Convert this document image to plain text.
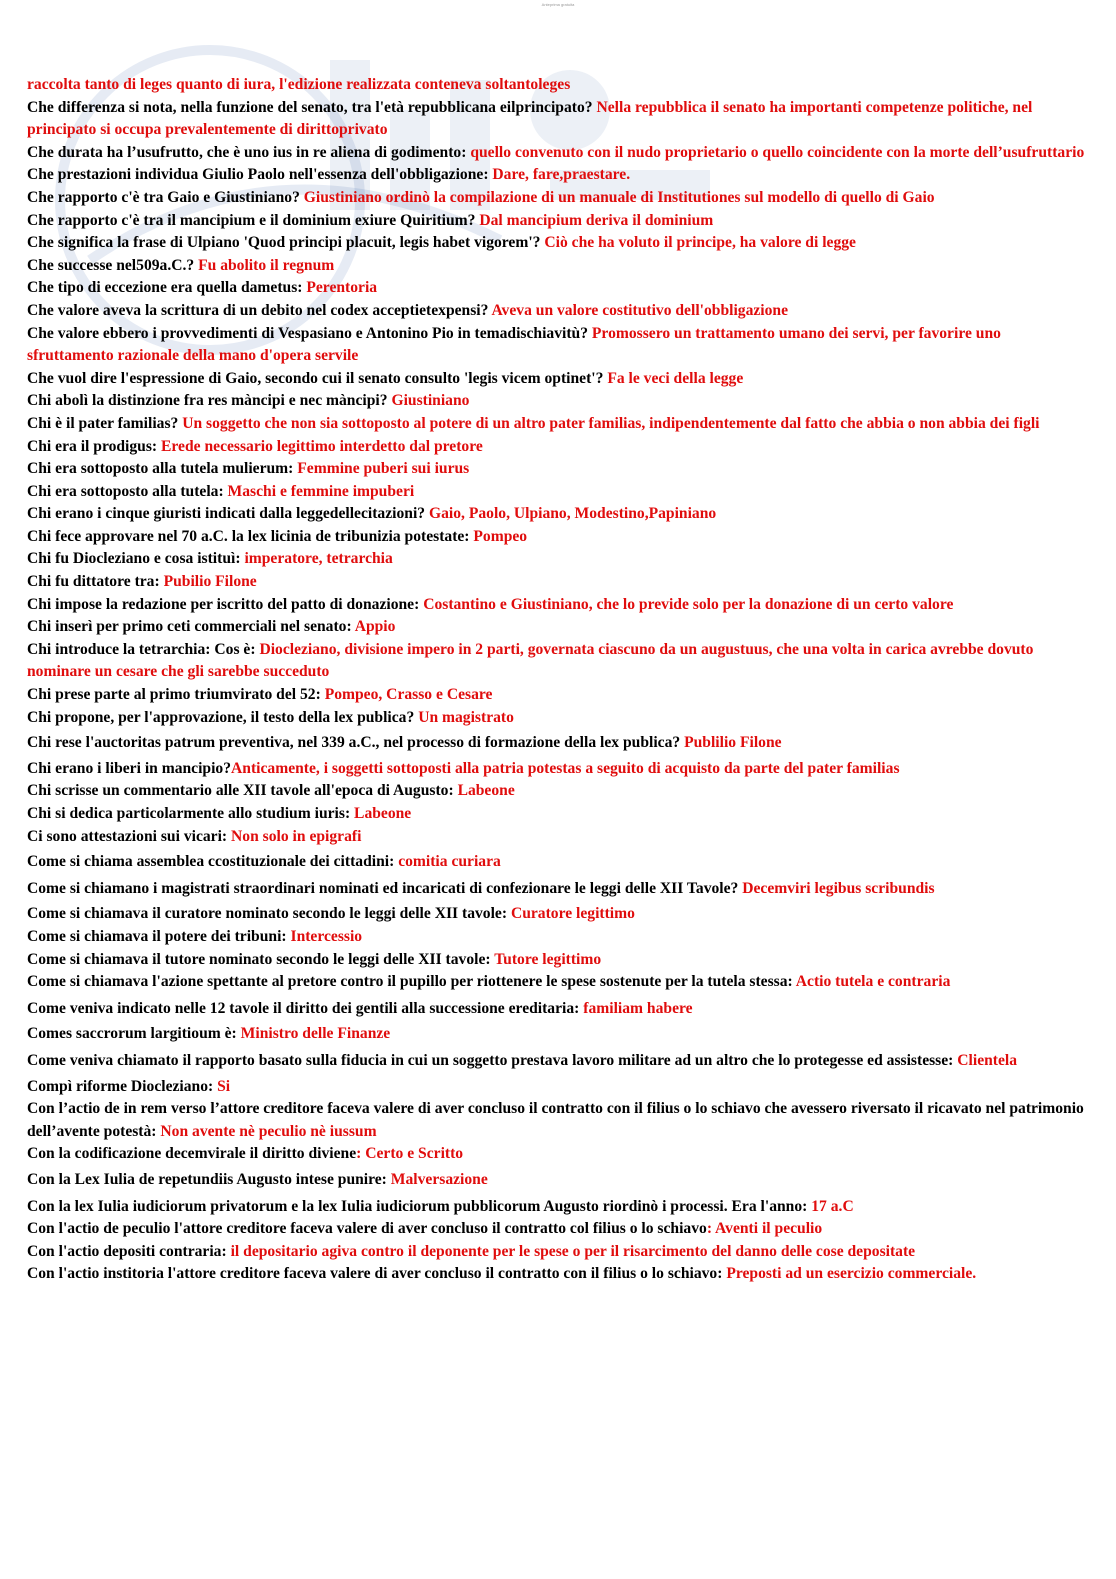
Anteprima gratuita

raccolta tanto di leges quanto di iura, l'edizione realizzata conteneva soltantoleges

Che differenza si nota, nella funzione del senato, tra l'età repubblicana eilprincipato? Nella repubblica il senato ha importanti competenze politiche, nel principato si occupa prevalentemente di dirittoprivato

Che durata ha l’usufrutto, che è uno ius in re aliena di godimento: quello convenuto con il nudo proprietario o quello coincidente con la morte dell’usufruttario

Che prestazioni individua Giulio Paolo nell'essenza dell'obbligazione: Dare, fare,praestare.

Che rapporto c'è tra Gaio e Giustiniano? Giustiniano ordinò la compilazione di un manuale di Institutiones sul modello di quello di Gaio

Che rapporto c'è tra il mancipium e il dominium exiure Quiritium? Dal mancipium deriva il dominium

Che significa la frase di Ulpiano 'Quod principi placuit, legis habet vigorem'? Ciò che ha voluto il principe, ha valore di legge

Che successe nel509a.C.? Fu abolito il regnum

Che tipo di eccezione era quella dametus: Perentoria

Che valore aveva la scrittura di un debito nel codex acceptietexpensi? Aveva un valore costitutivo dell'obbligazione

Che valore ebbero i provvedimenti di Vespasiano e Antonino Pio in temadischiavitù? Promossero un trattamento umano dei servi, per favorire uno sfruttamento razionale della mano d'opera servile

Che vuol dire l'espressione di Gaio, secondo cui il senato consulto 'legis vicem optinet'? Fa le veci della legge

Chi abolì la distinzione fra res màncipi e nec màncipi? Giustiniano

Chi è il pater familias? Un soggetto che non sia sottoposto al potere di un altro pater familias, indipendentemente dal fatto che abbia o non abbia dei figli

Chi era il prodigus: Erede necessario legittimo interdetto dal pretore

Chi era sottoposto alla tutela mulierum: Femmine puberi sui iurus

Chi era sottoposto alla tutela: Maschi e femmine impuberi

Chi erano i cinque giuristi indicati dalla leggedellecitazioni? Gaio, Paolo, Ulpiano, Modestino,Papiniano

Chi fece approvare nel 70 a.C. la lex licinia de tribunizia potestate: Pompeo

Chi fu Diocleziano e cosa istituì: imperatore, tetrarchia

Chi fu dittatore tra: Pubilio Filone

Chi impose la redazione per iscritto del patto di donazione: Costantino e Giustiniano, che lo previde solo per la donazione di un certo valore

Chi inserì per primo ceti commerciali nel senato: Appio

Chi introduce la tetrarchia: Cos è: Diocleziano, divisione impero in 2 parti, governata ciascuno da un augustuus, che una volta in carica avrebbe dovuto nominare un cesare che gli sarebbe succeduto

Chi prese parte al primo triumvirato del 52: Pompeo, Crasso e Cesare

Chi propone, per l'approvazione, il testo della lex publica? Un magistrato

Chi rese l'auctoritas patrum preventiva, nel 339 a.C., nel processo di formazione della lex publica? Publilio Filone

Chi erano i liberi in mancipio?Anticamente, i soggetti sottoposti alla patria potestas a seguito di acquisto da parte del pater familias

Chi scrisse un commentario alle XII tavole all'epoca di Augusto: Labeone

Chi si dedica particolarmente allo studium iuris: Labeone

Ci sono attestazioni sui vicari: Non solo in epigrafi

Come si chiama assemblea ccostituzionale dei cittadini: comitia curiara

Come si chiamano i magistrati straordinari nominati ed incaricati di confezionare le leggi delle XII Tavole? Decemviri legibus scribundis

Come si chiamava il curatore nominato secondo le leggi delle XII tavole: Curatore legittimo

Come si chiamava il potere dei tribuni: Intercessio

Come si chiamava il tutore nominato secondo le leggi delle XII tavole: Tutore legittimo

Come si chiamava l'azione spettante al pretore contro il pupillo per riottenere le spese sostenute per la tutela stessa: Actio tutela e contraria

Come veniva indicato nelle 12 tavole il diritto dei gentili alla successione ereditaria: familiam habere

Comes saccrorum largitioum è: Ministro delle Finanze

Come veniva chiamato il rapporto basato sulla fiducia in cui un soggetto prestava lavoro militare ad un altro che lo protegesse ed assistesse: Clientela

Compì riforme Diocleziano: Si

Con l’actio de in rem verso l’attore creditore faceva valere di aver concluso il contratto con il filius o lo schiavo che avessero riversato il ricavato nel patrimonio dell’avente potestà: Non avente nè peculio nè iussum

Con la codificazione decemvirale il diritto diviene: Certo e Scritto

Con la Lex Iulia de repetundiis Augusto intese punire: Malversazione

Con la lex Iulia iudiciorum privatorum e la lex Iulia iudiciorum pubblicorum Augusto riordinò i processi. Era l'anno: 17 a.C

Con l'actio de peculio l'attore creditore faceva valere di aver concluso il contratto col filius o lo schiavo: Aventi il peculio

Con l'actio depositi contraria: il depositario agiva contro il deponente per le spese o per il risarcimento del danno delle cose depositate

Con l'actio institoria l'attore creditore faceva valere di aver concluso il contratto con il filius o lo schiavo: Preposti ad un esercizio commerciale.
